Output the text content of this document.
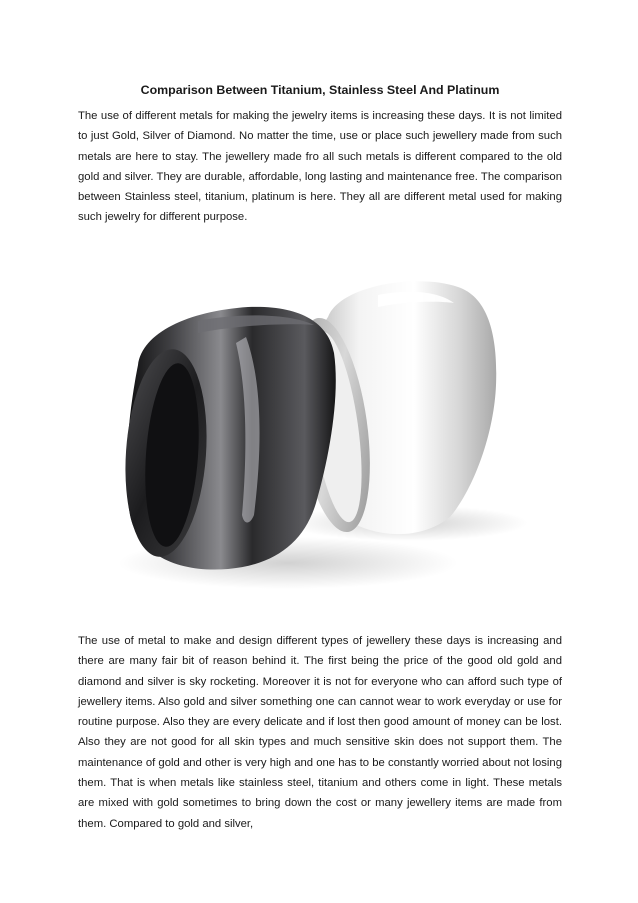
Comparison Between Titanium, Stainless Steel And Platinum

The use of different metals for making the jewelry items is increasing these days. It is not limited to just Gold, Silver of Diamond. No matter the time, use or place such jewellery made from such metals are here to stay. The jewellery made fro all such metals is different compared to the old gold and silver. They are durable, affordable, long lasting and maintenance free. The comparison between Stainless steel, titanium, platinum is here. They all are different metal used for making such jewelry for different purpose.

The use of metal to make and design different types of jewellery these days is increasing and there are many fair bit of reason behind it. The first being the price of the good old gold and diamond and silver is sky rocketing. Moreover it is not for everyone who can afford such type of jewellery items. Also gold and silver something one can cannot wear to work everyday or use for routine purpose. Also they are every delicate and if lost then good amount of money can be lost. Also they are not good for all skin types and much sensitive skin does not support them. The maintenance of gold and other is very high and one has to be constantly worried about not losing them. That is when metals like stainless steel, titanium and others come in light. These metals are mixed with gold sometimes to bring down the cost or many jewellery items are made from them. Compared to gold and silver,
